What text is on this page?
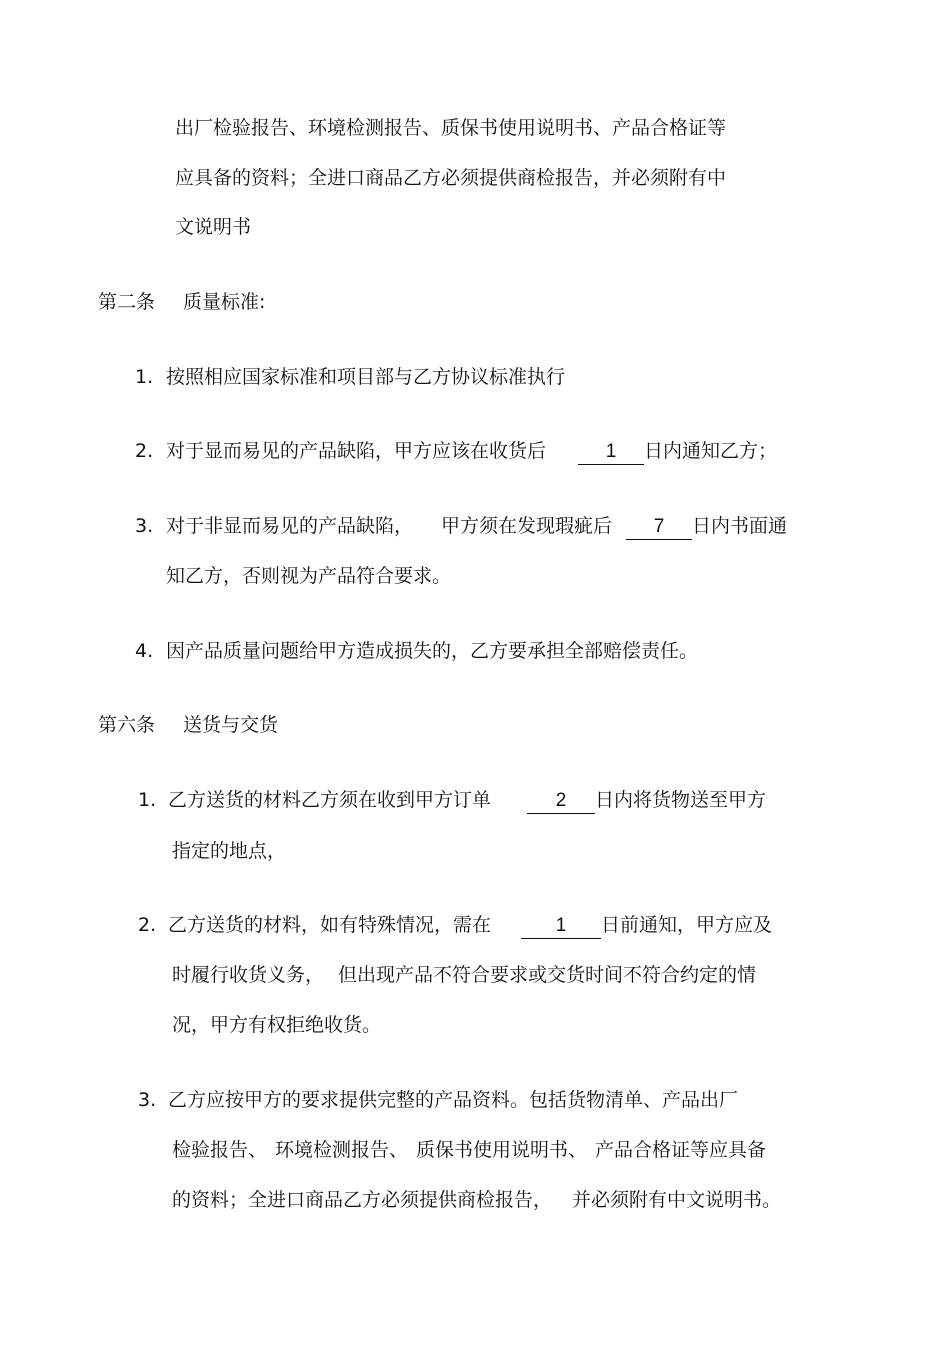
出厂检验报告、环境检测报告、质保书使用说明书、产品合格证等
应具备的资料；全进口商品乙方必须提供商检报告，并必须附有中
文说明书
第二条 质量标准:
1. 按照相应国家标准和项目部与乙方协议标准执行
2. 对于显而易见的产品缺陷，甲方应该在收货后	1 日内通知乙方；
3. 对于非显而易见的产品缺陷， 甲方须在发现瑕疵后 7 日内书面通
知乙方，否则视为产品符合要求。
4. 因产品质量问题给甲方造成损失的，乙方要承担全部赔偿责任。
第六条 送货与交货
1. 乙方送货的材料乙方须在收到甲方订单	2 日内将货物送至甲方
指定的地点，
2. 乙方送货的材料，如有特殊情况，需在	1 日前通知，甲方应及
时履行收货义务， 但出现产品不符合要求或交货时间不符合约定的情
况，甲方有权拒绝收货。
3. 乙方应按甲方的要求提供完整的产品资料。包括货物清单、产品出厂
检验报告、 环境检测报告、 质保书使用说明书、 产品合格证等应具备
的资料；全进口商品乙方必须提供商检报告， 并必须附有中文说明书。
